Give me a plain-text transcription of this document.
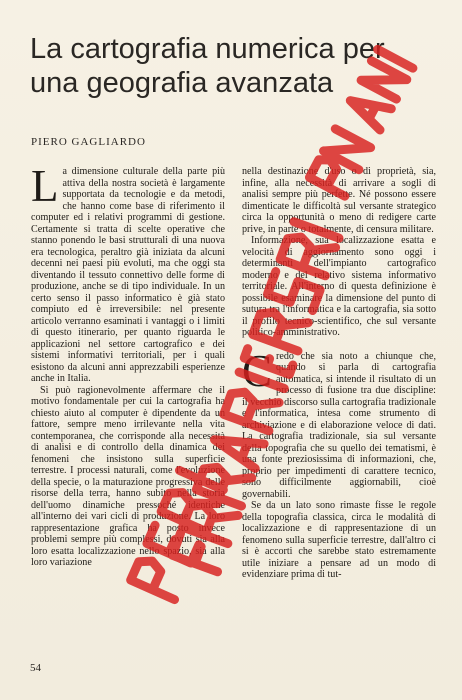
La cartografia numerica per
una geografia avanzata
PIERO GAGLIARDO

La dimensione culturale della parte più attiva della nostra società è largamente supportata da tecnologie e da metodi, che hanno come base di riferimento il computer ed i relativi programmi di gestione. Certamente si tratta di scelte operative che stanno ponendo le basi strutturali di una nuova era tecnologica, peraltro già iniziata da alcuni decenni nei paesi più evoluti, ma che oggi sta diventando il tessuto connettivo delle forme di produzione, anche se di tipo individuale. In un certo senso il passo informatico è già stato compiuto ed è irreversibile: nel presente articolo verranno esaminati i vantaggi o i limiti di questo itinerario, per quanto riguarda le applicazioni nel settore cartografico e dei sistemi informativi territoriali, per i quali esistono da alcuni anni apprezzabili esperienze anche in Italia.

Si può ragionevolmente affermare che il motivo fondamentale per cui la cartografia ha chiesto aiuto al computer è dipendente da un fattore, sempre meno irrilevante nella vita contemporanea, che corrisponde alla necessità di analisi e di controllo della dinamica dei fenomeni che insistono sulla superficie terrestre. I processi naturali, come l'evoluzione della specie, o la maturazione progressiva delle risorse della terra, hanno subito nella storia dell'uomo dinamiche pressoché identiche all'interno dei vari cicli di produzione. La loro rappresentazione grafica ha posto invece problemi sempre più complessi, dovuti sia alla loro esatta localizzazione nello spazio, sia alla loro variazione

nella destinazione d'uso o di proprietà, sia, infine, alla necessità di arrivare a sogli di analisi sempre più perfette. Né possono essere dimenticate le difficoltà sul versante strategico circa la opportunità o meno di redigere carte prive, in parte o totalmente, di censura militare.

Informazione, sua localizzazione esatta e velocità di aggiornamento sono oggi i determinanti dell'impianto cartografico moderno e del relativo sistema informativo territoriale. All'interno di questa definizione è possibile esaminare la dimensione del punto di sutura tra l'informatica e la cartografia, sia sotto il profilo tecnico-scientifico, che sul versante politico-amministrativo.

Credo che sia noto a chiunque che, quando si parla di cartografia automatica, si intende il risultato di un processo di fusione tra due discipline: il vecchio discorso sulla cartografia tradizionale e l'informatica, intesa come strumento di archiviazione e di elaborazione veloce di dati. La cartografia tradizionale, sia sul versante della topografia che su quello dei tematismi, è una fonte preziosissima di informazioni, che, proprio per impedimenti di carattere tecnico, sono difficilmente aggiornabili, cioè governabili.

Se da un lato sono rimaste fisse le regole della topografia classica, circa le modalità di localizzazione e di rappresentazione di un fenomeno sulla superficie terrestre, dall'altro ci si è accorti che sarebbe stato estremamente utile iniziare a pensare ad un modo di evidenziare prima di tut-

54
